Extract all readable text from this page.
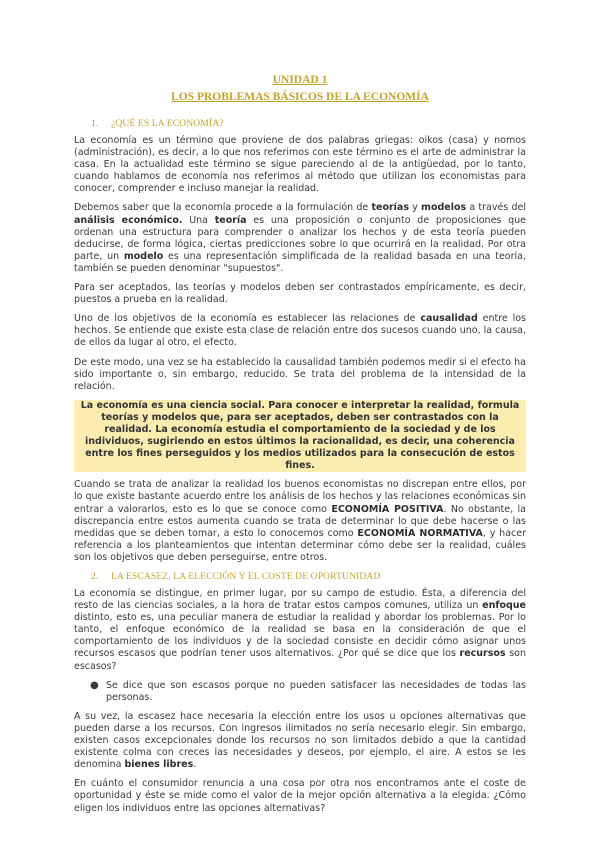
UNIDAD 1
LOS PROBLEMAS BÁSICOS DE LA ECONOMÍA
1. ¿QUÉ ES LA ECONOMÍA?

La economía es un término que proviene de dos palabras griegas: oikos (casa) y nomos (administración), es decir, a lo que nos referimos con este término es el arte de administrar la casa. En la actualidad este término se sigue pareciendo al de la antigüedad, por lo tanto, cuando hablamos de economía nos referimos al método que utilizan los economistas para conocer, comprender e incluso manejar la realidad.

Debemos saber que la economía procede a la formulación de teorías y modelos a través del análisis económico. Una teoría es una proposición o conjunto de proposiciones que ordenan una estructura para comprender o analizar los hechos y de esta teoría pueden deducirse, de forma lógica, ciertas predicciones sobre lo que ocurrirá en la realidad. Por otra parte, un modelo es una representación simplificada de la realidad basada en una teoría, también se pueden denominar "supuestos".

Para ser aceptados, las teorías y modelos deben ser contrastados empíricamente, es decir, puestos a prueba en la realidad.

Uno de los objetivos de la economía es establecer las relaciones de causalidad entre los hechos. Se entiende que existe esta clase de relación entre dos sucesos cuando uno, la causa, de ellos da lugar al otro, el efecto.

De este modo, una vez se ha establecido la causalidad también podemos medir si el efecto ha sido importante o, sin embargo, reducido. Se trata del problema de la intensidad de la relación.

La economía es una ciencia social. Para conocer e interpretar la realidad, formula teorías y modelos que, para ser aceptados, deben ser contrastados con la realidad. La economía estudia el comportamiento de la sociedad y de los individuos, sugiriendo en estos últimos la racionalidad, es decir, una coherencia entre los fines perseguidos y los medios utilizados para la consecución de estos fines.

Cuando se trata de analizar la realidad los buenos economistas no discrepan entre ellos, por lo que existe bastante acuerdo entre los análisis de los hechos y las relaciones económicas sin entrar a valorarlos, esto es lo que se conoce como ECONOMÍA POSITIVA. No obstante, la discrepancia entre estos aumenta cuando se trata de determinar lo que debe hacerse o las medidas que se deben tomar, a esto lo conocemos como ECONOMÍA NORMATIVA, y hacer referencia a los planteamientos que intentan determinar cómo debe ser la realidad, cuáles son los objetivos que deben perseguirse, entre otros.

2. LA ESCASEZ, LA ELECCIÓN Y EL COSTE DE OPORTUNIDAD

La economía se distingue, en primer lugar, por su campo de estudio. Ésta, a diferencia del resto de las ciencias sociales, a la hora de tratar estos campos comunes, utiliza un enfoque distinto, esto es, una peculiar manera de estudiar la realidad y abordar los problemas. Por lo tanto, el enfoque económico de la realidad se basa en la consideración de que el comportamiento de los individuos y de la sociedad consiste en decidir cómo asignar unos recursos escasos que podrían tener usos alternativos. ¿Por qué se dice que los recursos son escasos?

● Se dice que son escasos porque no pueden satisfacer las necesidades de todas las personas.

A su vez, la escasez hace necesaria la elección entre los usos u opciones alternativas que pueden darse a los recursos. Con ingresos ilimitados no sería necesario elegir. Sin embargo, existen casos excepcionales donde los recursos no son limitados debido a que la cantidad existente colma con creces las necesidades y deseos, por ejemplo, el aire. A estos se les denomina bienes libres.

En cuánto el consumidor renuncia a una cosa por otra nos encontramos ante el coste de oportunidad y éste se mide como el valor de la mejor opción alternativa a la elegida. ¿Cómo eligen los individuos entre las opciones alternativas?
